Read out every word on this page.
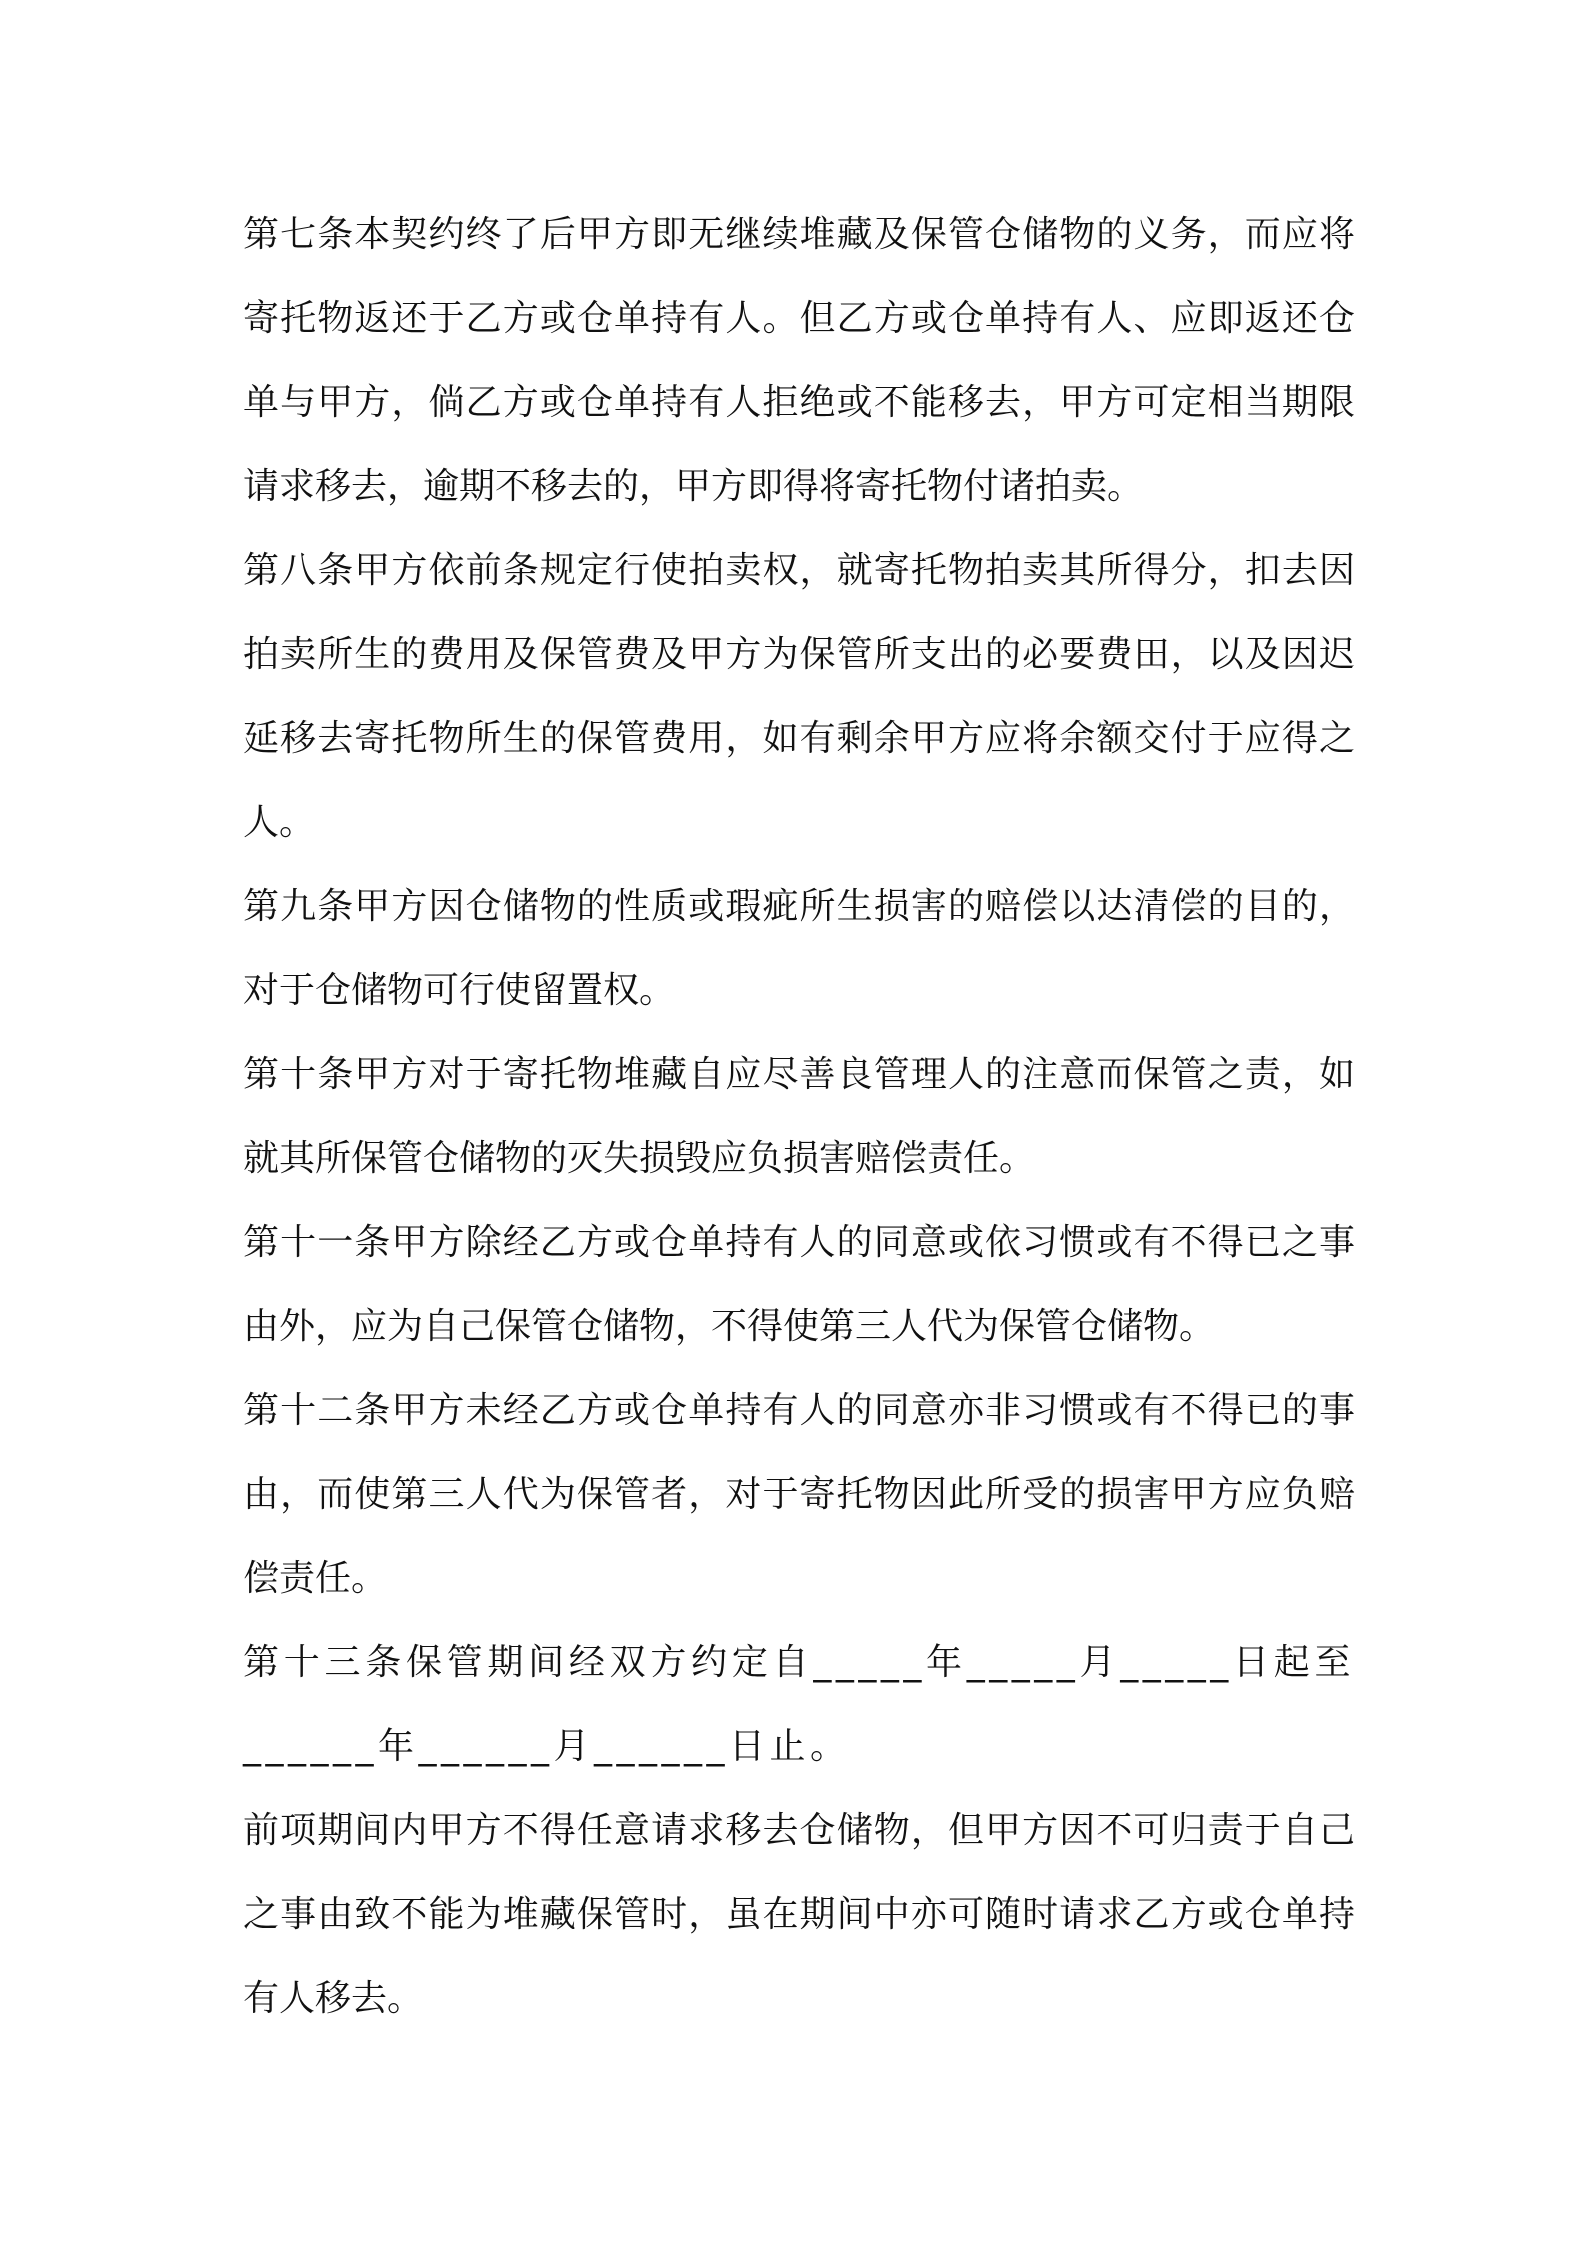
第七条本契约终了后甲方即无继续堆藏及保管仓储物的义务，而应将寄托物返还于乙方或仓单持有人。但乙方或仓单持有人、应即返还仓单与甲方，倘乙方或仓单持有人拒绝或不能移去，甲方可定相当期限请求移去，逾期不移去的，甲方即得将寄托物付诸拍卖。

第八条甲方依前条规定行使拍卖权，就寄托物拍卖其所得分，扣去因拍卖所生的费用及保管费及甲方为保管所支出的必要费田，以及因迟延移去寄托物所生的保管费用，如有剩余甲方应将余额交付于应得之人。

第九条甲方因仓储物的性质或瑕疵所生损害的赔偿以达清偿的目的，对于仓储物可行使留置权。

第十条甲方对于寄托物堆藏自应尽善良管理人的注意而保管之责，如就其所保管仓储物的灭失损毁应负损害赔偿责任。

第十一条甲方除经乙方或仓单持有人的同意或依习惯或有不得已之事由外，应为自己保管仓储物，不得使第三人代为保管仓储物。

第十二条甲方未经乙方或仓单持有人的同意亦非习惯或有不得已的事由，而使第三人代为保管者，对于寄托物因此所受的损害甲方应负赔偿责任。

第十三条保管期间经双方约定自_____年_____月_____日起至______年______月______日止。

前项期间内甲方不得任意请求移去仓储物，但甲方因不可归责于自己之事由致不能为堆藏保管时，虽在期间中亦可随时请求乙方或仓单持有人移去。
